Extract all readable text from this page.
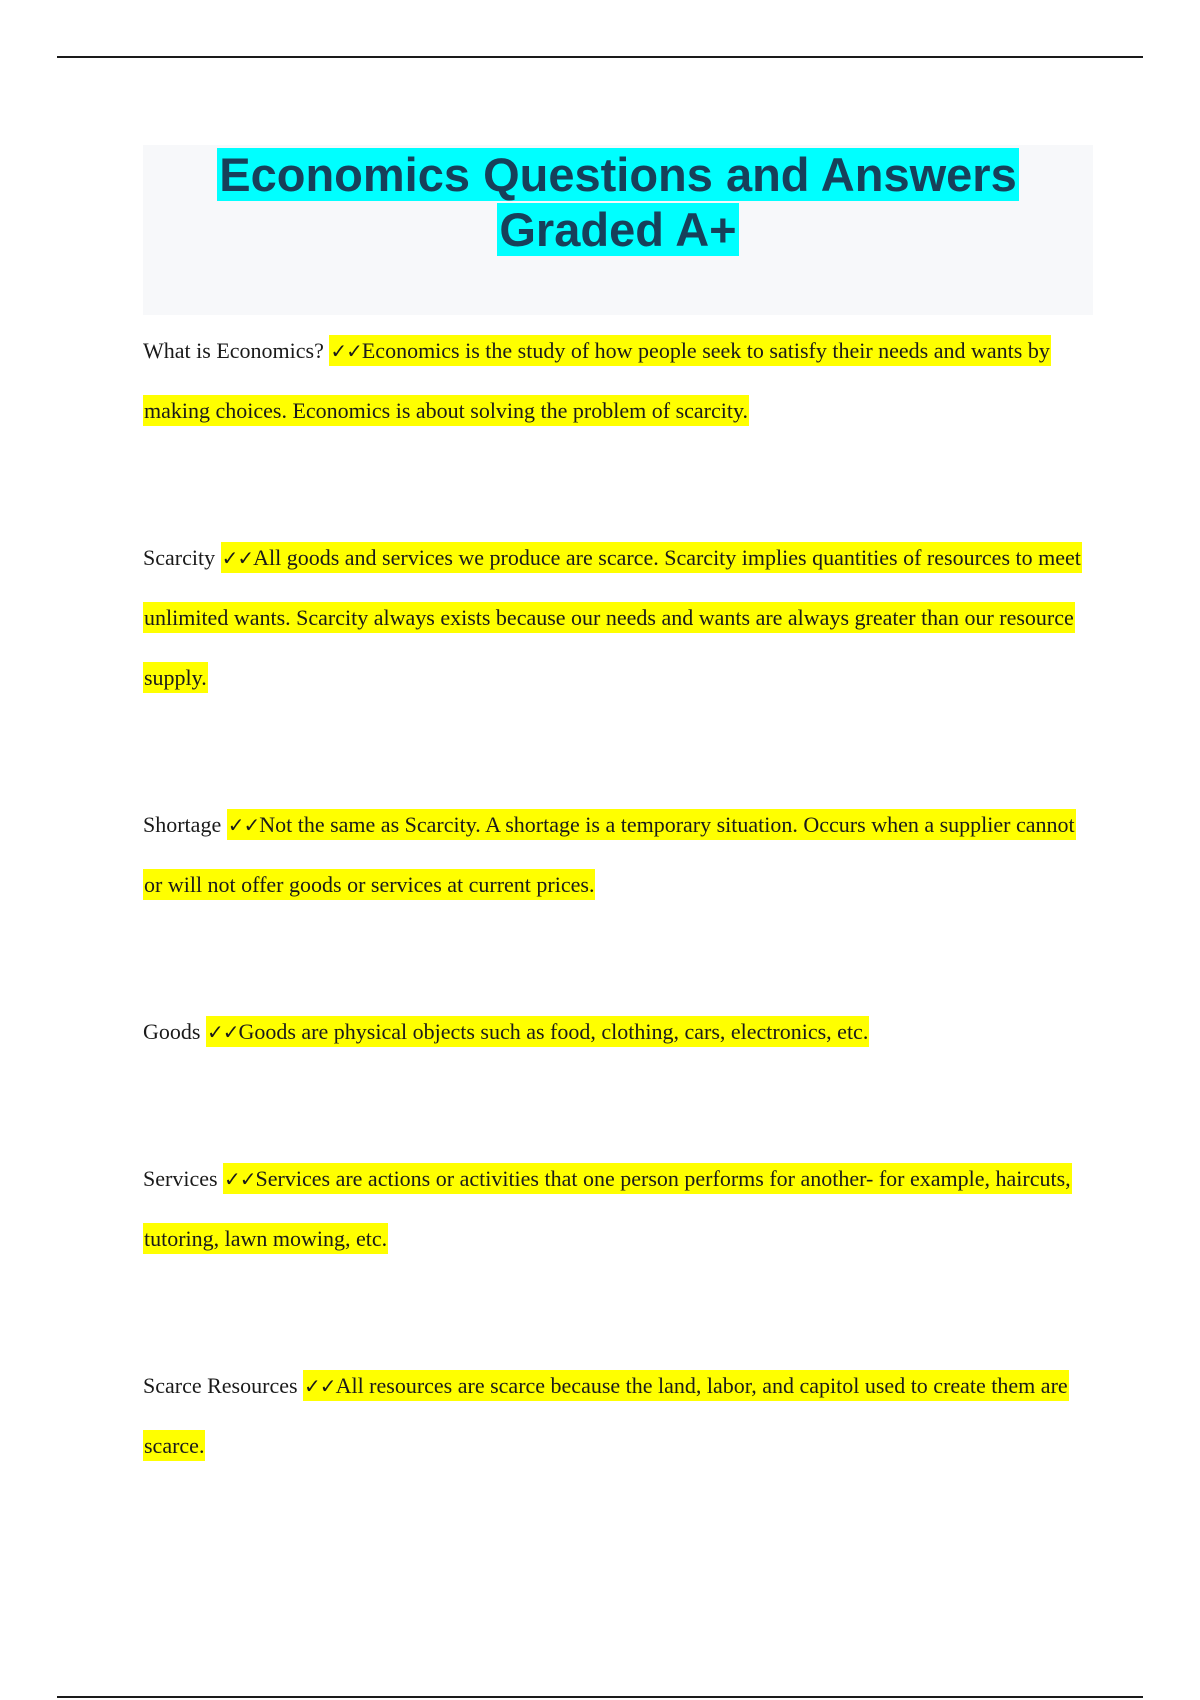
Economics Questions and Answers
Graded A+

What is Economics? ✓✓Economics is the study of how people seek to satisfy their needs and wants by making choices. Economics is about solving the problem of scarcity.

Scarcity ✓✓All goods and services we produce are scarce. Scarcity implies quantities of resources to meet unlimited wants. Scarcity always exists because our needs and wants are always greater than our resource supply.

Shortage ✓✓Not the same as Scarcity. A shortage is a temporary situation. Occurs when a supplier cannot or will not offer goods or services at current prices.

Goods ✓✓Goods are physical objects such as food, clothing, cars, electronics, etc.

Services ✓✓Services are actions or activities that one person performs for another- for example, haircuts, tutoring, lawn mowing, etc.

Scarce Resources ✓✓All resources are scarce because the land, labor, and capitol used to create them are scarce.
